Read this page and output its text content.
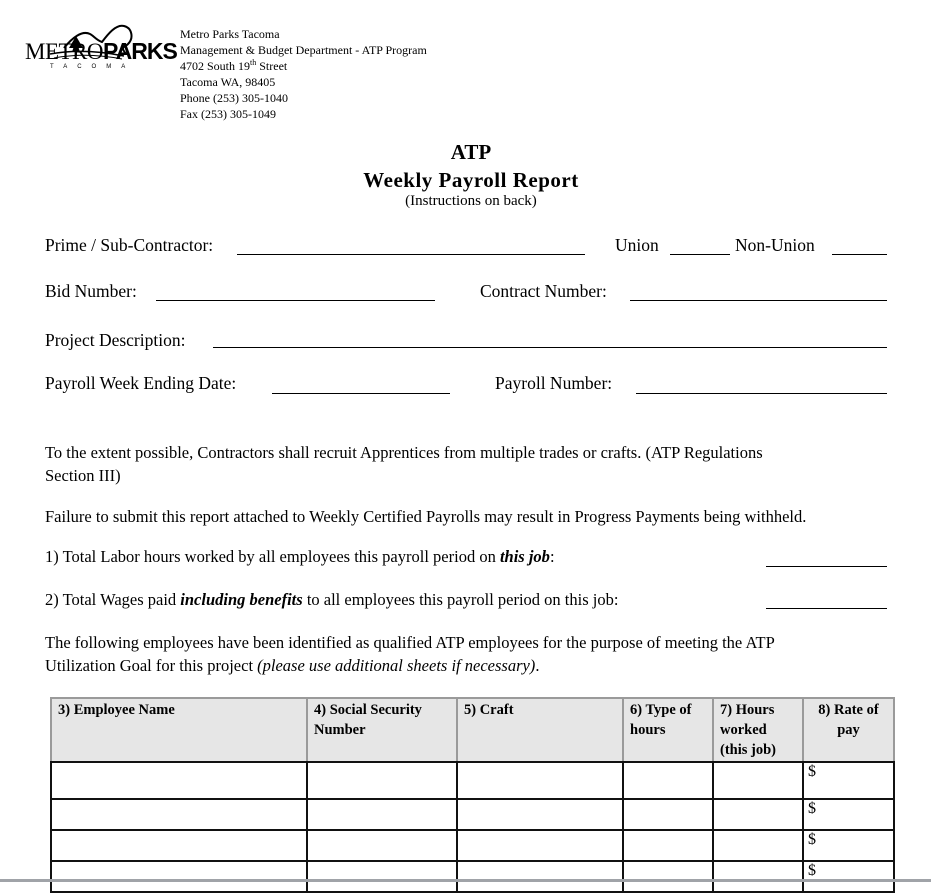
METROPARKS
TACOMA
Metro Parks Tacoma
Management & Budget Department - ATP Program
4702 South 19th Street
Tacoma WA, 98405
Phone (253) 305-1040
Fax (253) 305-1049
ATP
Weekly Payroll Report
(Instructions on back)
Prime / Sub-Contractor:	Union	Non-Union
Bid Number:	Contract Number:
Project Description:
Payroll Week Ending Date:	Payroll Number:
To the extent possible, Contractors shall recruit Apprentices from multiple trades or crafts. (ATP Regulations
Section III)
Failure to submit this report attached to Weekly Certified Payrolls may result in Progress Payments being withheld.
1) Total Labor hours worked by all employees this payroll period on this job:
2) Total Wages paid including benefits to all employees this payroll period on this job:
The following employees have been identified as qualified ATP employees for the purpose of meeting the ATP
Utilization Goal for this project (please use additional sheets if necessary).
3) Employee Name	4) Social Security Number	5) Craft	6) Type of hours	7) Hours worked (this job)	8) Rate of pay
					$
					$
					$
					$
